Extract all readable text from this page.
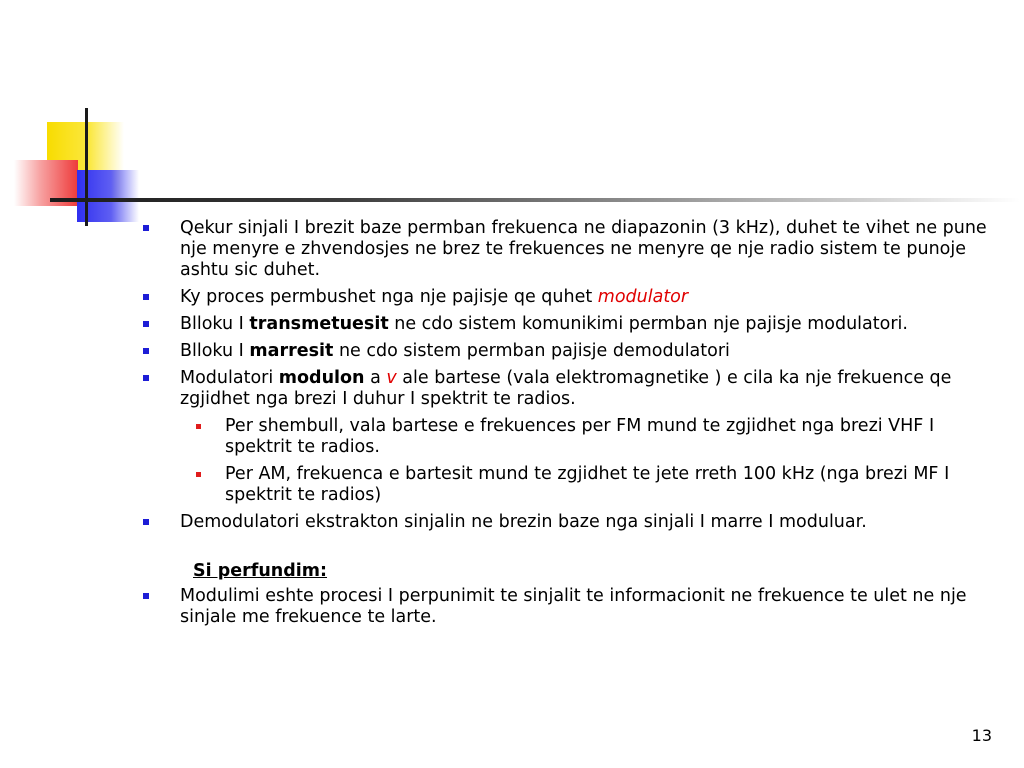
Qekur sinjali I brezit baze permban frekuenca ne diapazonin (3 kHz), duhet te vihet ne pune nje menyre e zhvendosjes ne brez te frekuences ne menyre qe nje radio sistem te punoje ashtu sic duhet.
Ky proces permbushet nga nje pajisje qe quhet modulator
Blloku I transmetuesit ne cdo sistem komunikimi permban nje pajisje modulatori.
Blloku I marresit ne cdo sistem permban pajisje demodulatori
Modulatori modulon a v ale bartese (vala elektromagnetike ) e cila ka nje frekuence qe zgjidhet nga brezi I duhur I spektrit te radios.
Per shembull, vala bartese e frekuences per FM mund te zgjidhet nga brezi VHF I spektrit te radios.
Per AM, frekuenca e bartesit mund te zgjidhet te jete rreth 100 kHz (nga brezi MF I spektrit te radios)
Demodulatori ekstrakton sinjalin ne brezin baze nga sinjali I marre I moduluar.
Si perfundim:
Modulimi eshte procesi I perpunimit te sinjalit te informacionit ne frekuence te ulet ne nje sinjale me frekuence te larte.
13
